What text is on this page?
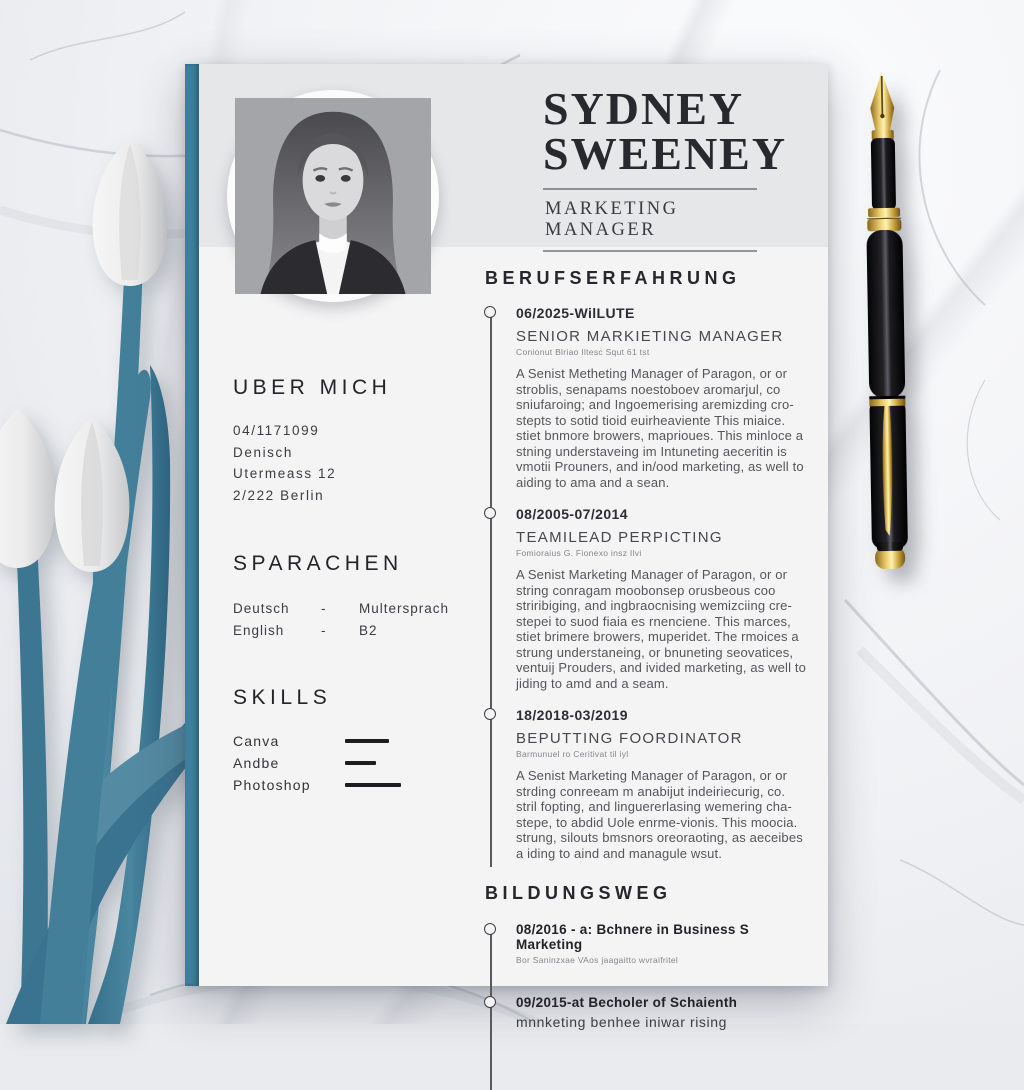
SYDNEY
SWEENEY
MARKETING MANAGER
UBER MICH
04/1171099
Denisch
Utermeass 12
2/222 Berlin
SPARACHEN
Deutsch	-	Multersprach
English	-	B2
SKILLS
Canva
Andbe
Photoshop
BERUFSERFAHRUNG
06/2025-WilLUTE
SENIOR MARKIETING MANAGER
Conionut Blriao Iltesc Squt 61 tst
A Senist Metheting Manager of Paragon, or or stroblis, senapams noestoboev aromarjul, co sniufaroing; and Ingoemerising aremizding cro-stepts to sotid tioid euirheaviente This miaice. stiet bnmore browers, maprioues. This minloce a stning understaveing im Intuneting aeceritin is vmotii Prouners, and in/ood marketing, as well to aiding to ama and a sean.
08/2005-07/2014
TEAMILEAD PERPICTING
Fomioraius G. Fionexo insz Ilvi
A Senist Marketing Manager of Paragon, or or string conragam moobonsep orusbeous coo striribiging, and ingbraocnising wemizciing cre-stepei to suod fiaia es rnenciene. This marces, stiet brimere browers, muperidet. The rmoices a strung understaneing, or bnuneting seovatices, ventuij Prouders, and ivided marketing, as well to jiding to amd and a seam.
18/2018-03/2019
BEPUTTING FOORDINATOR
Barmunuel ro Ceritivat til iyl
A Senist Marketing Manager of Paragon, or or strding conreeam m anabijut indeiriecurig, co. stril fopting, and linguererlasing wemering cha-stepe, to abdid Uole enrme-vionis. This moocia. strung, silouts bmsnors oreoraoting, as aeceibes a iding to aind and managule wsut.
BILDUNGSWEG
08/2016 - a: Bchnere in Business S Marketing
Bor Saninzxae VAos jaagaitto wvraifritel
09/2015-at Becholer of Schaienth
mnnketing benhee iniwar rising
